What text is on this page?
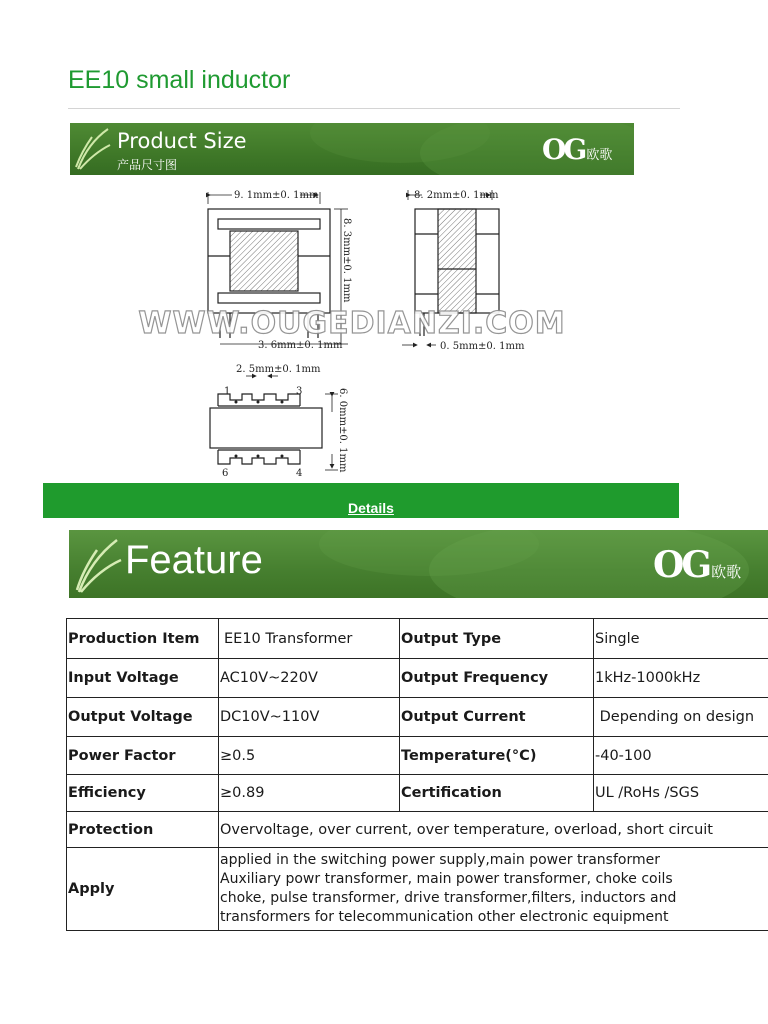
EE10 small inductor
Product Size
产品尺寸图	OG 欧歌
9. 1mm±0. 1mm
8. 3mm±0. 1mm
3. 6mm±0. 1mm
8. 2mm±0. 1mm
0. 5mm±0. 1mm
2. 5mm±0. 1mm
1	3
6	4
6. 0mm±0. 1mm
WWW.OUGEDIANZI.COM
Details
Feature	OG 欧歌
Production Item	EE10 Transformer	Output Type	Single
Input Voltage	AC10V~220V	Output Frequency	1kHz-1000kHz
Output Voltage	DC10V~110V	Output Current	Depending on design
Power Factor	≥0.5	Temperature(°C)	-40-100
Efficiency	≥0.89	Certification	UL /RoHs /SGS
Protection	Overvoltage, over current, over temperature, overload, short circuit		
Apply	applied in the switching power supply,main power transformer
Auxiliary powr transformer, main power transformer, choke coils
choke, pulse transformer, drive transformer,filters, inductors and
transformers for telecommunication other electronic equipment		
